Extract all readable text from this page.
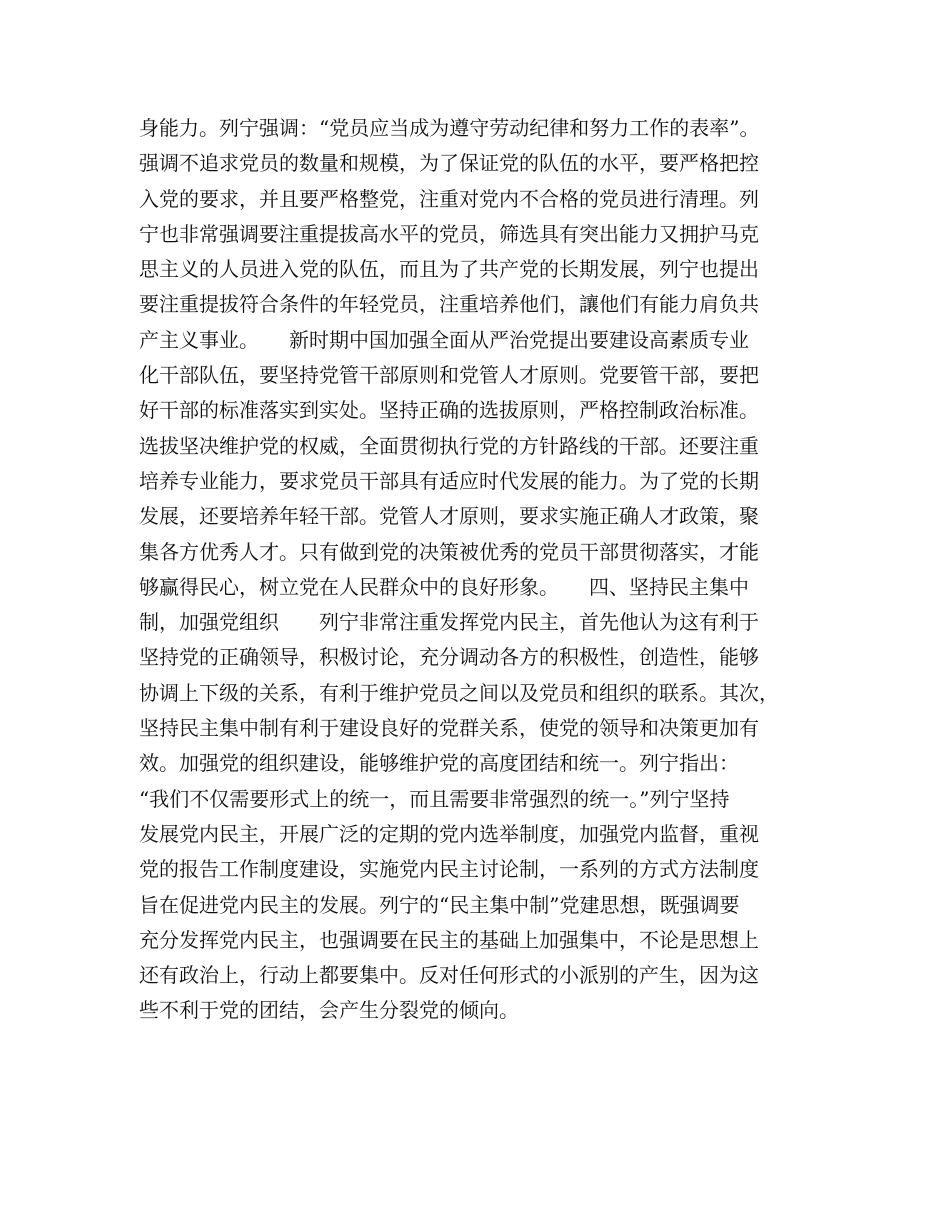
身能力。列宁强调：“党员应当成为遵守劳动纪律和努力工作的表率”。
强调不追求党员的数量和规模，为了保证党的队伍的水平，要严格把控
入党的要求，并且要严格整党，注重对党内不合格的党员进行清理。列
宁也非常强调要注重提拔高水平的党员，筛选具有突出能力又拥护马克
思主义的人员进入党的队伍，而且为了共产党的长期发展，列宁也提出
要注重提拔符合条件的年轻党员，注重培养他们，讓他们有能力肩负共
产主义事业。　　新时期中国加强全面从严治党提出要建设高素质专业
化干部队伍，要坚持党管干部原则和党管人才原则。党要管干部，要把
好干部的标准落实到实处。坚持正确的选拔原则，严格控制政治标准。
选拔坚决维护党的权威，全面贯彻执行党的方针路线的干部。还要注重
培养专业能力，要求党员干部具有适应时代发展的能力。为了党的长期
发展，还要培养年轻干部。党管人才原则，要求实施正确人才政策，聚
集各方优秀人才。只有做到党的决策被优秀的党员干部贯彻落实，才能
够赢得民心，树立党在人民群众中的良好形象。　　四、坚持民主集中
制，加强党组织　　列宁非常注重发挥党内民主，首先他认为这有利于
坚持党的正确领导，积极讨论，充分调动各方的积极性，创造性，能够
协调上下级的关系，有利于维护党员之间以及党员和组织的联系。其次，
坚持民主集中制有利于建设良好的党群关系，使党的领导和决策更加有
效。加强党的组织建设，能够维护党的高度团结和统一。列宁指出：
“我们不仅需要形式上的统一，而且需要非常强烈的统一。”列宁坚持
发展党内民主，开展广泛的定期的党内选举制度，加强党内监督，重视
党的报告工作制度建设，实施党内民主讨论制，一系列的方式方法制度
旨在促进党内民主的发展。列宁的“民主集中制”党建思想，既强调要
充分发挥党内民主，也强调要在民主的基础上加强集中，不论是思想上
还有政治上，行动上都要集中。反对任何形式的小派别的产生，因为这
些不利于党的团结，会产生分裂党的倾向。
